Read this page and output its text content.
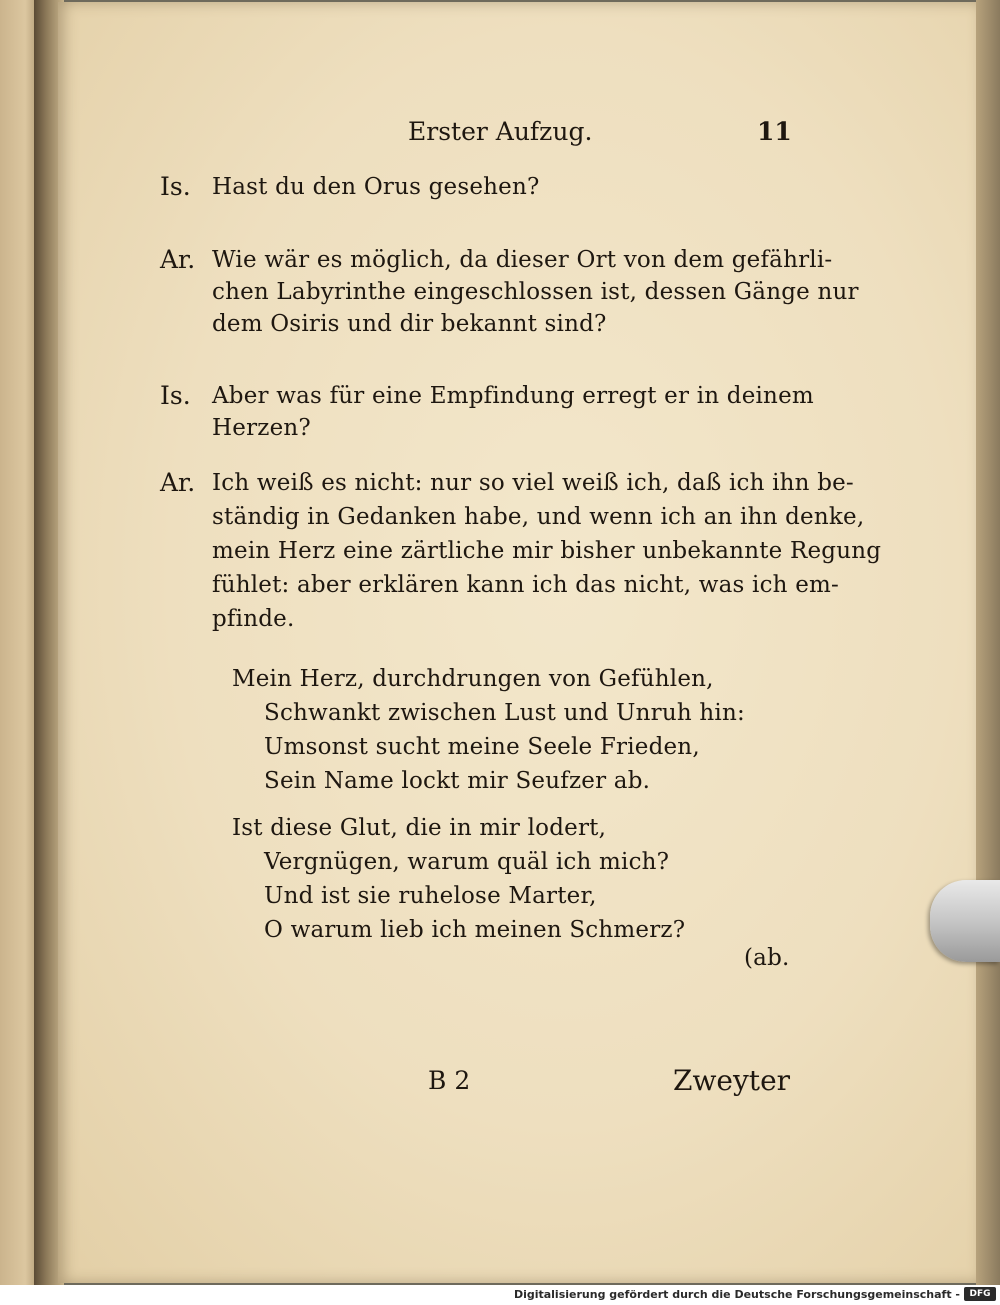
Erster Aufzug.	11
Is. Hast du den Orus gesehen?
Ar. Wie wär es möglich, da dieser Ort von dem gefährli-
chen Labyrinthe eingeschlossen ist, dessen Gänge nur
dem Osiris und dir bekannt sind?
Is. Aber was für eine Empfindung erregt er in deinem
Herzen?
Ar. Ich weiß es nicht: nur so viel weiß ich, daß ich ihn be-
ständig in Gedanken habe, und wenn ich an ihn denke,
mein Herz eine zärtliche mir bisher unbekannte Regung
fühlet: aber erklären kann ich das nicht, was ich em-
pfinde.
Mein Herz, durchdrungen von Gefühlen,
Schwankt zwischen Lust und Unruh hin:
Umsonst sucht meine Seele Frieden,
Sein Name lockt mir Seufzer ab.
Ist diese Glut, die in mir lodert,
Vergnügen, warum quäl ich mich?
Und ist sie ruhelose Marter,
O warum lieb ich meinen Schmerz?
(ab.
B 2	Zweyter
Digitalisierung gefördert durch die Deutsche Forschungsgemeinschaft -	DFG
